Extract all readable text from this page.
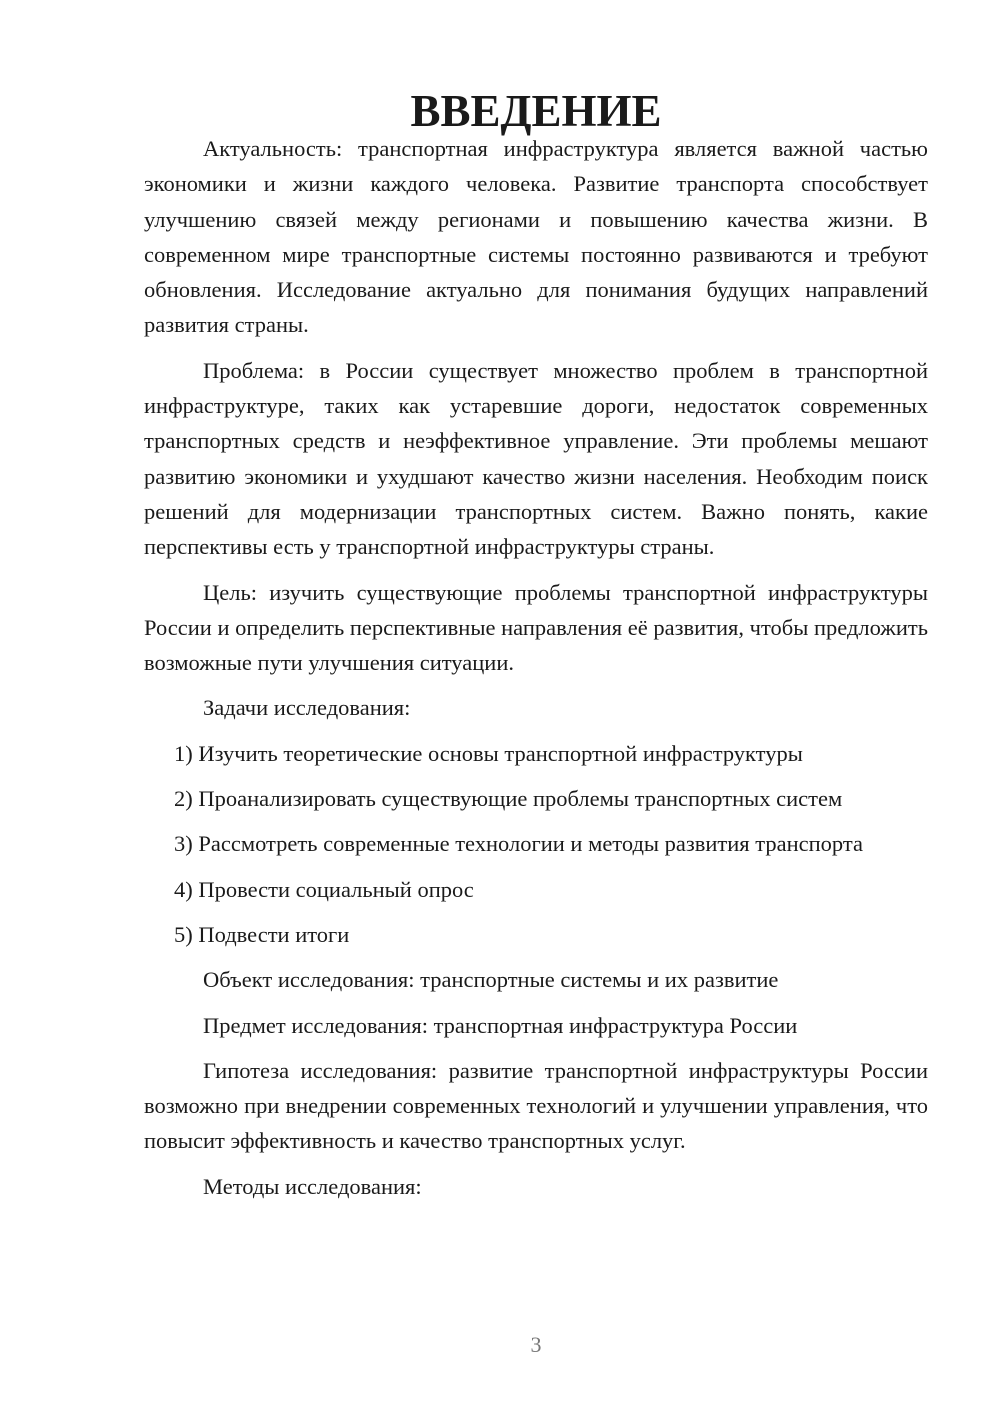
ВВЕДЕНИЕ

Актуальность: транспортная инфраструктура является важной частью экономики и жизни каждого человека. Развитие транспорта способствует улучшению связей между регионами и повышению качества жизни. В современном мире транспортные системы постоянно развиваются и требуют обновления. Исследование актуально для понимания будущих направлений развития страны.

Проблема: в России существует множество проблем в транспортной инфраструктуре, таких как устаревшие дороги, недостаток современных транспортных средств и неэффективное управление. Эти проблемы мешают развитию экономики и ухудшают качество жизни населения. Необходим поиск решений для модернизации транспортных систем. Важно понять, какие перспективы есть у транспортной инфраструктуры страны.

Цель: изучить существующие проблемы транспортной инфраструктуры России и определить перспективные направления её развития, чтобы предложить возможные пути улучшения ситуации.

Задачи исследования:

1) Изучить теоретические основы транспортной инфраструктуры

2) Проанализировать существующие проблемы транспортных систем

3) Рассмотреть современные технологии и методы развития транспорта

4) Провести социальный опрос

5) Подвести итоги

Объект исследования: транспортные системы и их развитие

Предмет исследования: транспортная инфраструктура России

Гипотеза исследования: развитие транспортной инфраструктуры России возможно при внедрении современных технологий и улучшении управления, что повысит эффективность и качество транспортных услуг.

Методы исследования:

3
